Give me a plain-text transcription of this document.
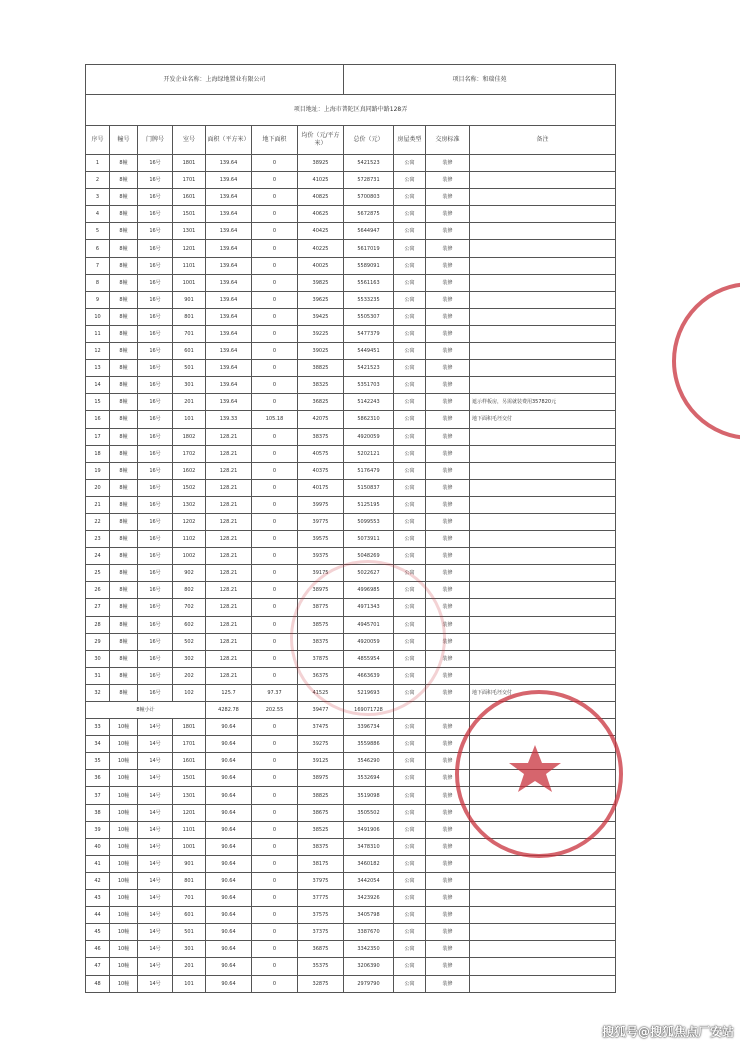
开发企业名称：上海绿地置业有限公司							项目名称：和瑞佳苑			
项目地址：上海市普陀区真同路中路128弄										
序号	幢号	门牌号	室号	面积（平方米）	地下面积	均价（元/平方米）	总价（元）	房屋类型	交房标准	备注
1	8幢	16号	1801	139.64	0	38925	5421523	公寓	装修	
2	8幢	16号	1701	139.64	0	41025	5728731	公寓	装修	
3	8幢	16号	1601	139.64	0	40825	5700803	公寓	装修	
4	8幢	16号	1501	139.64	0	40625	5672875	公寓	装修	
5	8幢	16号	1301	139.64	0	40425	5644947	公寓	装修	
6	8幢	16号	1201	139.64	0	40225	5617019	公寓	装修	
7	8幢	16号	1101	139.64	0	40025	5589091	公寓	装修	
8	8幢	16号	1001	139.64	0	39825	5561163	公寓	装修	
9	8幢	16号	901	139.64	0	39625	5533235	公寓	装修	
10	8幢	16号	801	139.64	0	39425	5505307	公寓	装修	
11	8幢	16号	701	139.64	0	39225	5477379	公寓	装修	
12	8幢	16号	601	139.64	0	39025	5449451	公寓	装修	
13	8幢	16号	501	139.64	0	38825	5421523	公寓	装修	
14	8幢	16号	301	139.64	0	38325	5351703	公寓	装修	
15	8幢	16号	201	139.64	0	36825	5142243	公寓	装修	遮示样板房，另需就装费用357820元
16	8幢	16号	101	139.33	105.18	42075	5862310	公寓	装修	地下面积毛坯交付
17	8幢	16号	1802	128.21	0	38375	4920059	公寓	装修	
18	8幢	16号	1702	128.21	0	40575	5202121	公寓	装修	
19	8幢	16号	1602	128.21	0	40375	5176479	公寓	装修	
20	8幢	16号	1502	128.21	0	40175	5150837	公寓	装修	
21	8幢	16号	1302	128.21	0	39975	5125195	公寓	装修	
22	8幢	16号	1202	128.21	0	39775	5099553	公寓	装修	
23	8幢	16号	1102	128.21	0	39575	5073911	公寓	装修	
24	8幢	16号	1002	128.21	0	39375	5048269	公寓	装修	
25	8幢	16号	902	128.21	0	39175	5022627	公寓	装修	
26	8幢	16号	802	128.21	0	38975	4996985	公寓	装修	
27	8幢	16号	702	128.21	0	38775	4971343	公寓	装修	
28	8幢	16号	602	128.21	0	38575	4945701	公寓	装修	
29	8幢	16号	502	128.21	0	38375	4920059	公寓	装修	
30	8幢	16号	302	128.21	0	37875	4855954	公寓	装修	
31	8幢	16号	202	128.21	0	36375	4663639	公寓	装修	
32	8幢	16号	102	125.7	97.37	41525	5219693	公寓	装修	地下面积毛坯交付
8幢小计				4282.78	202.55	39477	169071728			
33	10幢	14号	1801	90.64	0	37475	3396734	公寓	装修	
34	10幢	14号	1701	90.64	0	39275	3559886	公寓	装修	
35	10幢	14号	1601	90.64	0	39125	3546290	公寓	装修	
36	10幢	14号	1501	90.64	0	38975	3532694	公寓	装修	
37	10幢	14号	1301	90.64	0	38825	3519098	公寓	装修	
38	10幢	14号	1201	90.64	0	38675	3505502	公寓	装修	
39	10幢	14号	1101	90.64	0	38525	3491906	公寓	装修	
40	10幢	14号	1001	90.64	0	38375	3478310	公寓	装修	
41	10幢	14号	901	90.64	0	38175	3460182	公寓	装修	
42	10幢	14号	801	90.64	0	37975	3442054	公寓	装修	
43	10幢	14号	701	90.64	0	37775	3423926	公寓	装修	
44	10幢	14号	601	90.64	0	37575	3405798	公寓	装修	
45	10幢	14号	501	90.64	0	37375	3387670	公寓	装修	
46	10幢	14号	301	90.64	0	36875	3342350	公寓	装修	
47	10幢	14号	201	90.64	0	35375	3206390	公寓	装修	
48	10幢	14号	101	90.64	0	32875	2979790	公寓	装修	
搜狐号@搜狐焦点厂安站
